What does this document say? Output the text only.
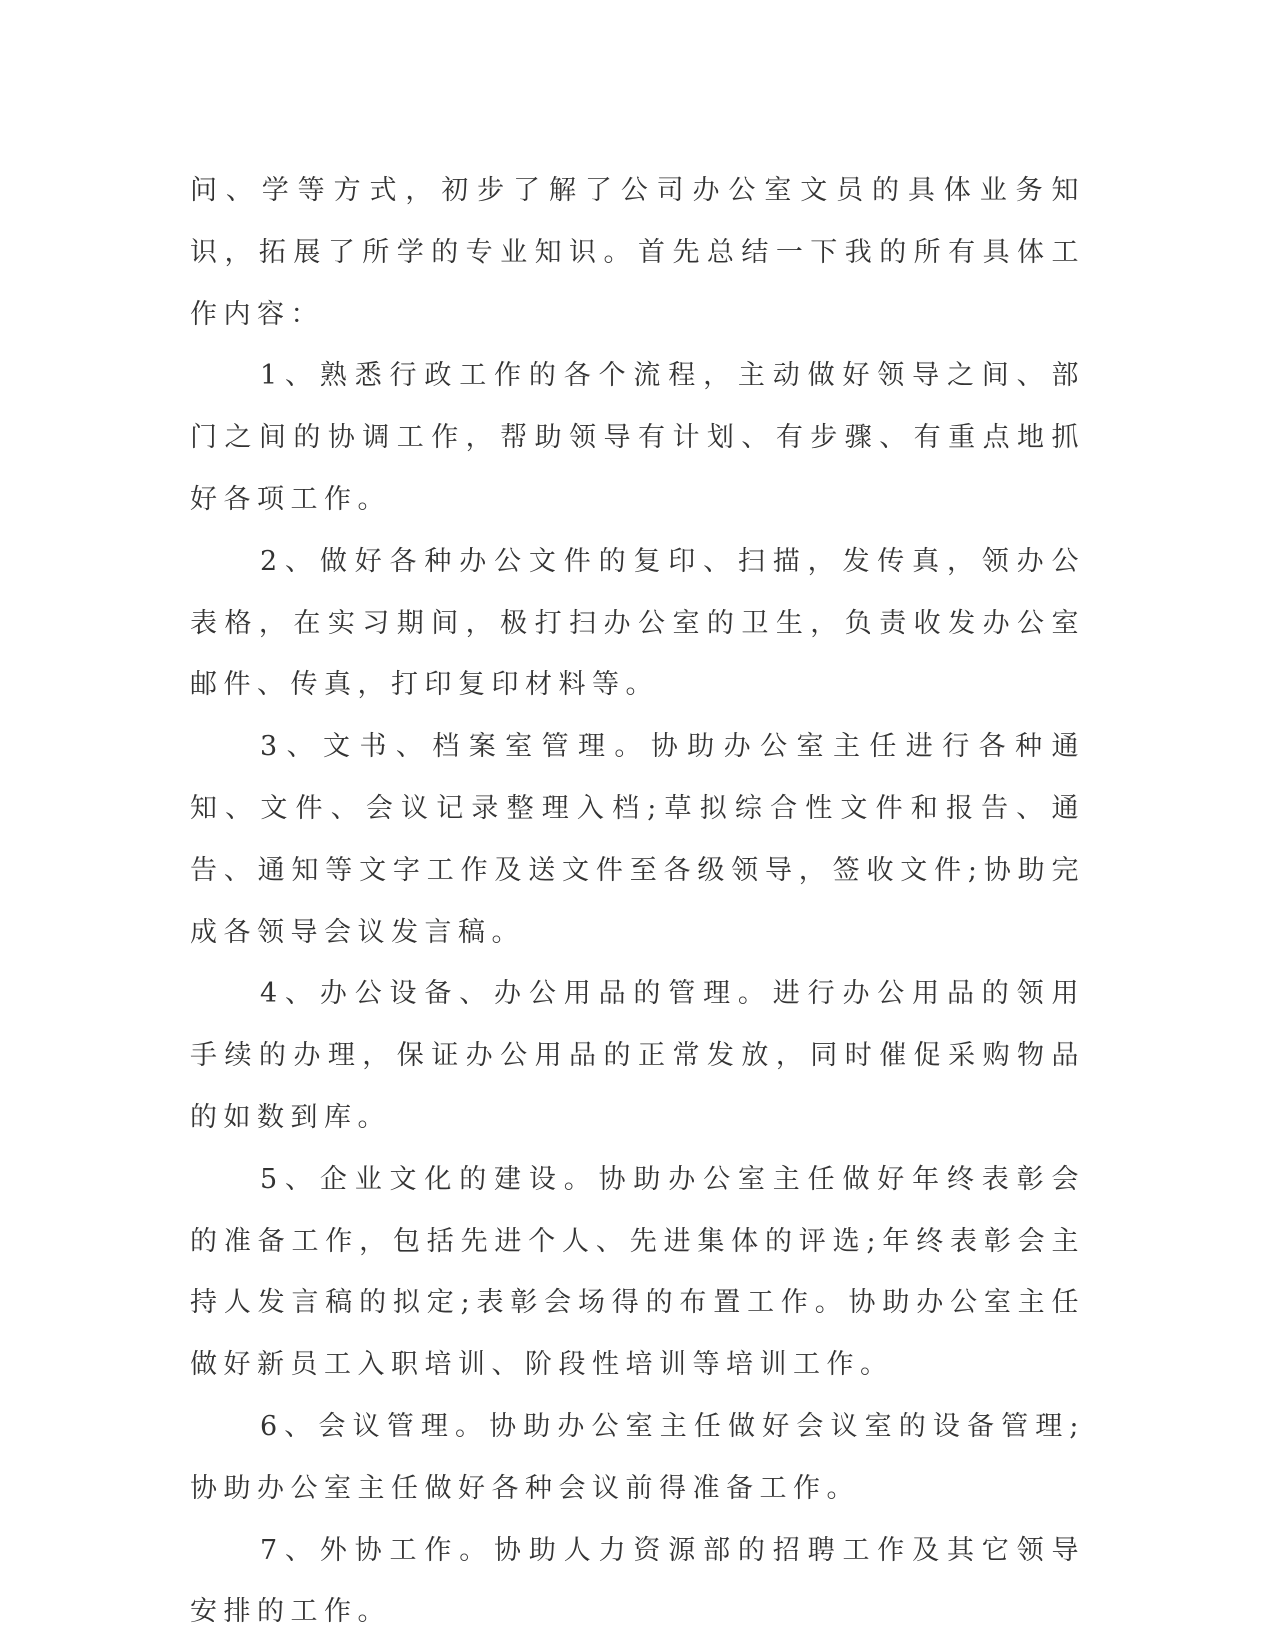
问、学等方式，初步了解了公司办公室文员的具体业务知识，拓展了所学的专业知识。首先总结一下我的所有具体工作内容：

1、熟悉行政工作的各个流程，主动做好领导之间、部门之间的协调工作，帮助领导有计划、有步骤、有重点地抓好各项工作。

2、做好各种办公文件的复印、扫描，发传真，领办公表格，在实习期间，极打扫办公室的卫生，负责收发办公室邮件、传真，打印复印材料等。

3、文书、档案室管理。协助办公室主任进行各种通知、文件、会议记录整理入档;草拟综合性文件和报告、通告、通知等文字工作及送文件至各级领导，签收文件;协助完成各领导会议发言稿。

4、办公设备、办公用品的管理。进行办公用品的领用手续的办理，保证办公用品的正常发放，同时催促采购物品的如数到库。

5、企业文化的建设。协助办公室主任做好年终表彰会的准备工作，包括先进个人、先进集体的评选;年终表彰会主持人发言稿的拟定;表彰会场得的布置工作。协助办公室主任做好新员工入职培训、阶段性培训等培训工作。

6、会议管理。协助办公室主任做好会议室的设备管理;协助办公室主任做好各种会议前得准备工作。

7、外协工作。协助人力资源部的招聘工作及其它领导安排的工作。
